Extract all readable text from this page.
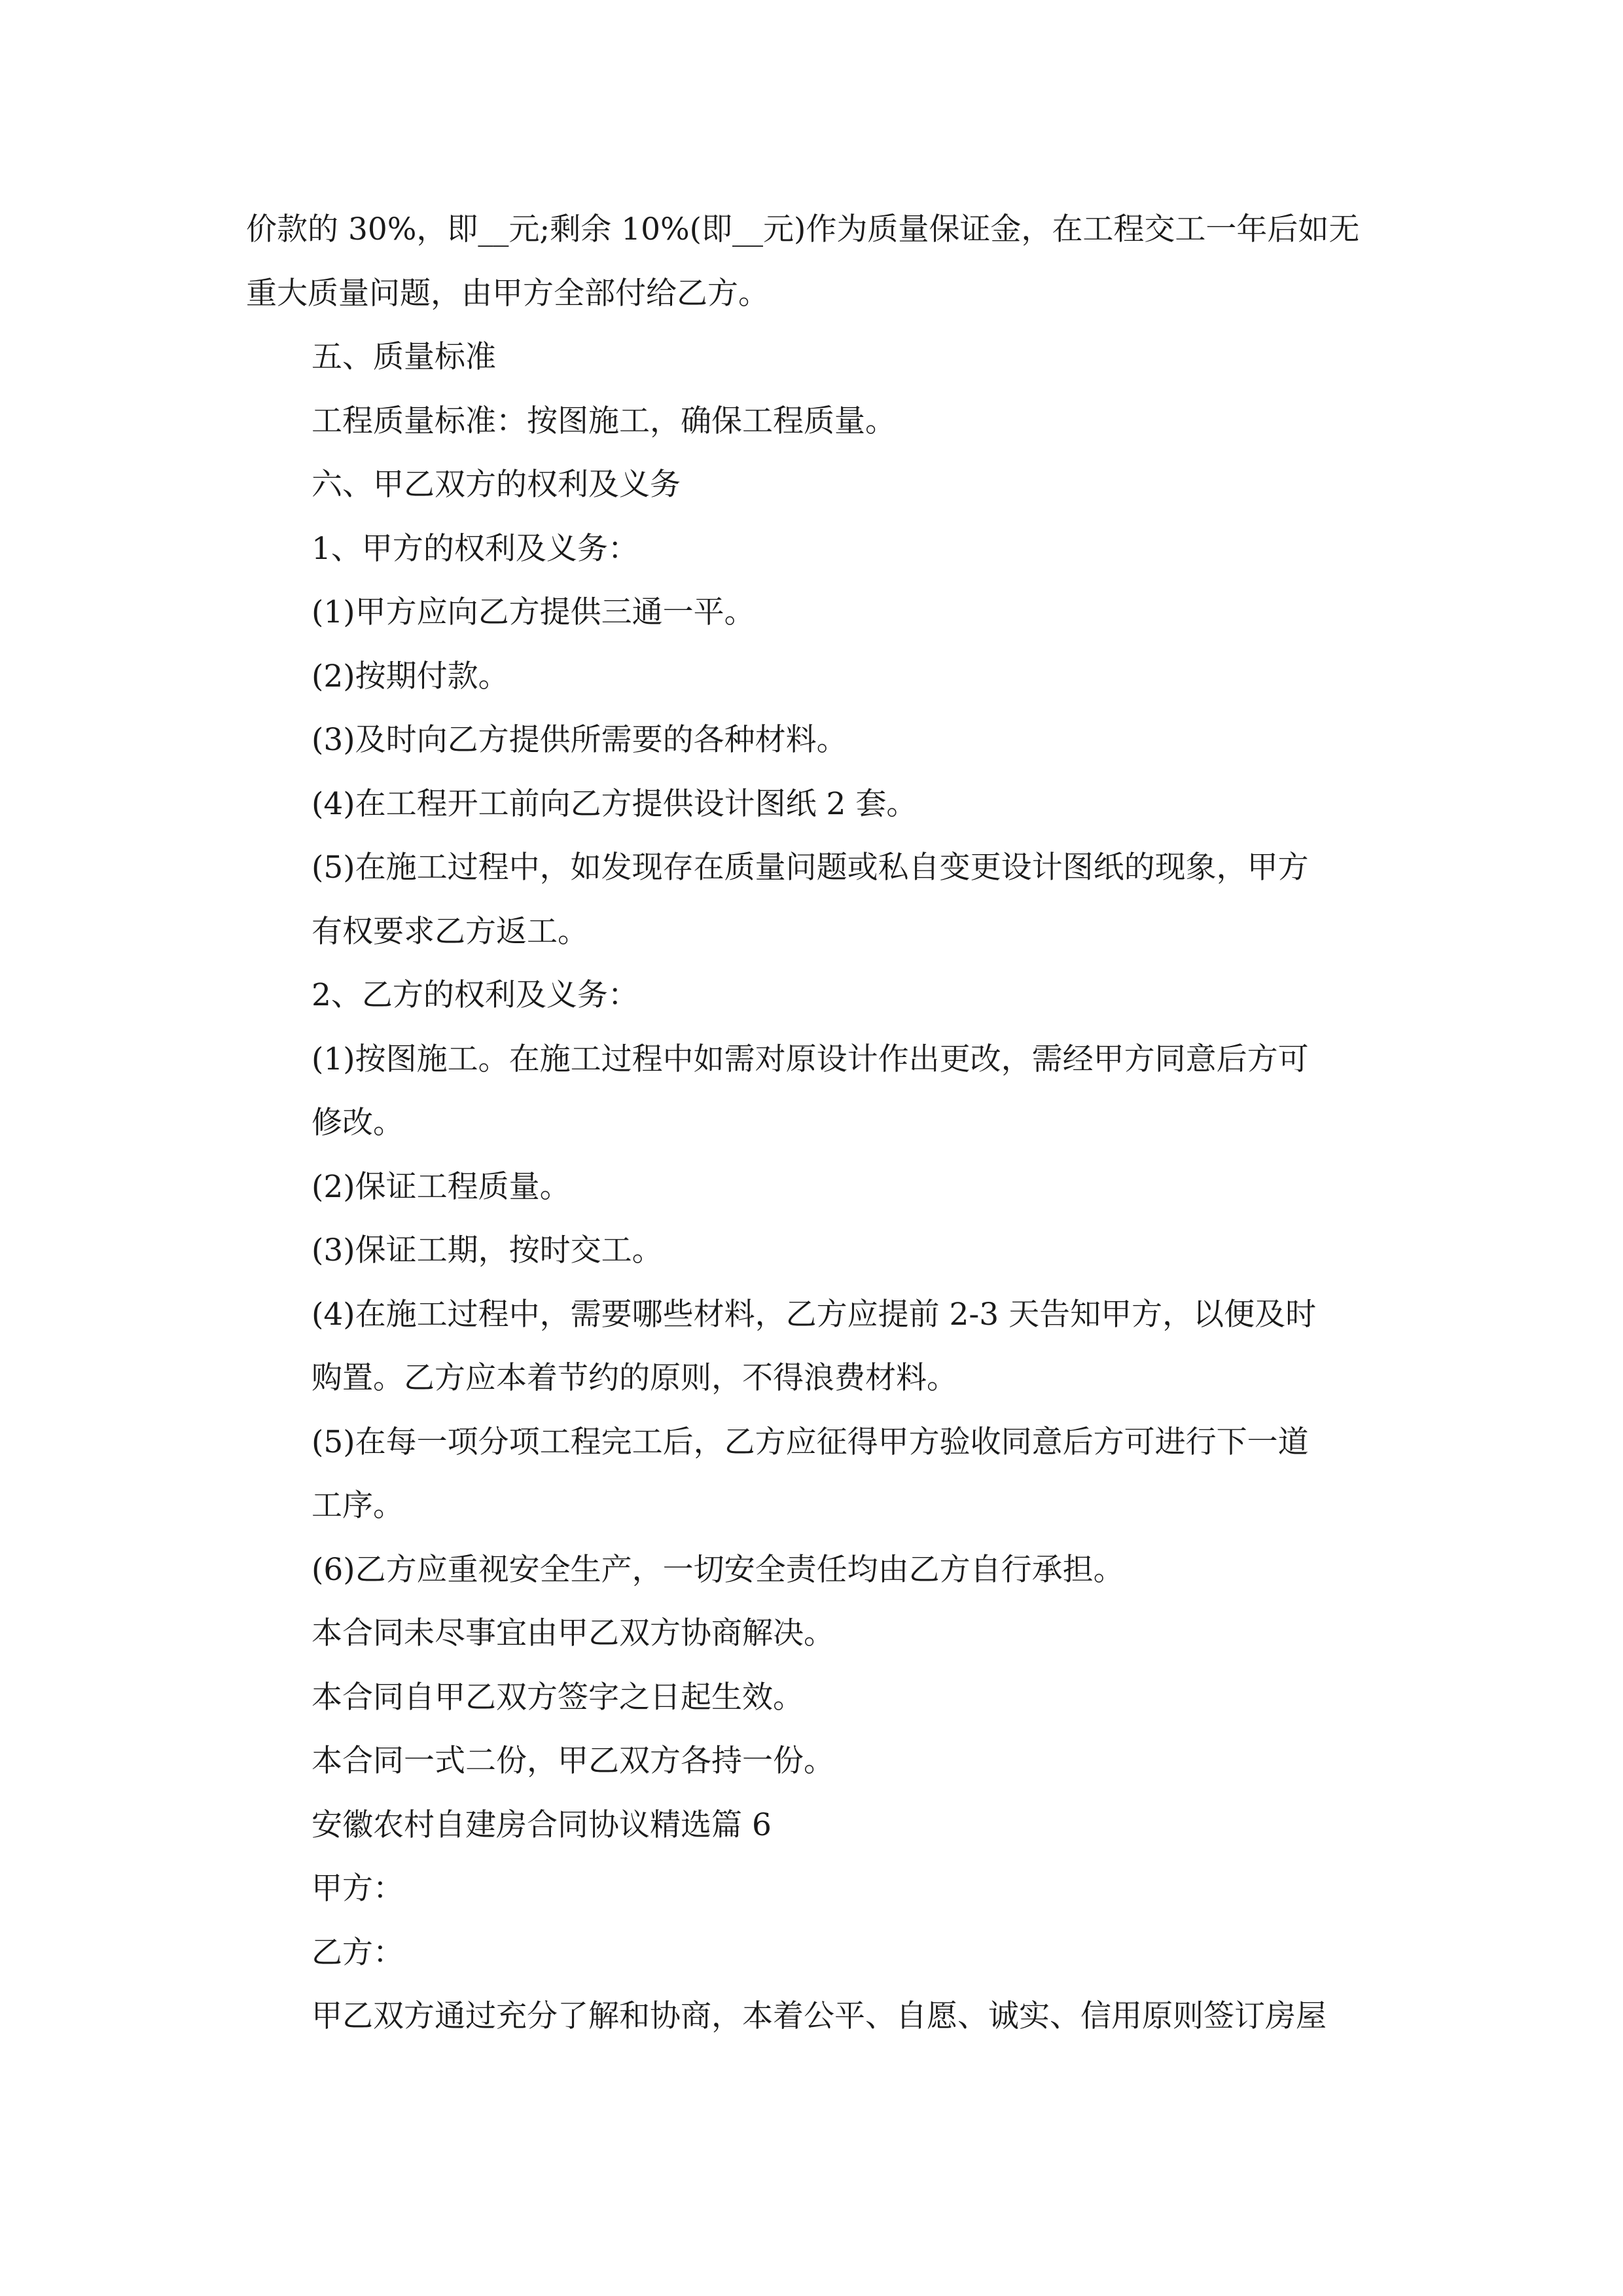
价款的 30%，即__元;剩余 10%(即__元)作为质量保证金，在工程交工一年后如无
重大质量问题，由甲方全部付给乙方。

五、质量标准

工程质量标准：按图施工，确保工程质量。

六、甲乙双方的权利及义务

1、甲方的权利及义务：

(1)甲方应向乙方提供三通一平。

(2)按期付款。

(3)及时向乙方提供所需要的各种材料。

(4)在工程开工前向乙方提供设计图纸 2 套。

(5)在施工过程中，如发现存在质量问题或私自变更设计图纸的现象，甲方
有权要求乙方返工。

2、乙方的权利及义务：

(1)按图施工。在施工过程中如需对原设计作出更改，需经甲方同意后方可
修改。

(2)保证工程质量。

(3)保证工期，按时交工。

(4)在施工过程中，需要哪些材料，乙方应提前 2-3 天告知甲方，以便及时
购置。乙方应本着节约的原则，不得浪费材料。

(5)在每一项分项工程完工后，乙方应征得甲方验收同意后方可进行下一道
工序。

(6)乙方应重视安全生产，一切安全责任均由乙方自行承担。

本合同未尽事宜由甲乙双方协商解决。

本合同自甲乙双方签字之日起生效。

本合同一式二份，甲乙双方各持一份。

安徽农村自建房合同协议精选篇 6

甲方：

乙方：

甲乙双方通过充分了解和协商，本着公平、自愿、诚实、信用原则签订房屋
